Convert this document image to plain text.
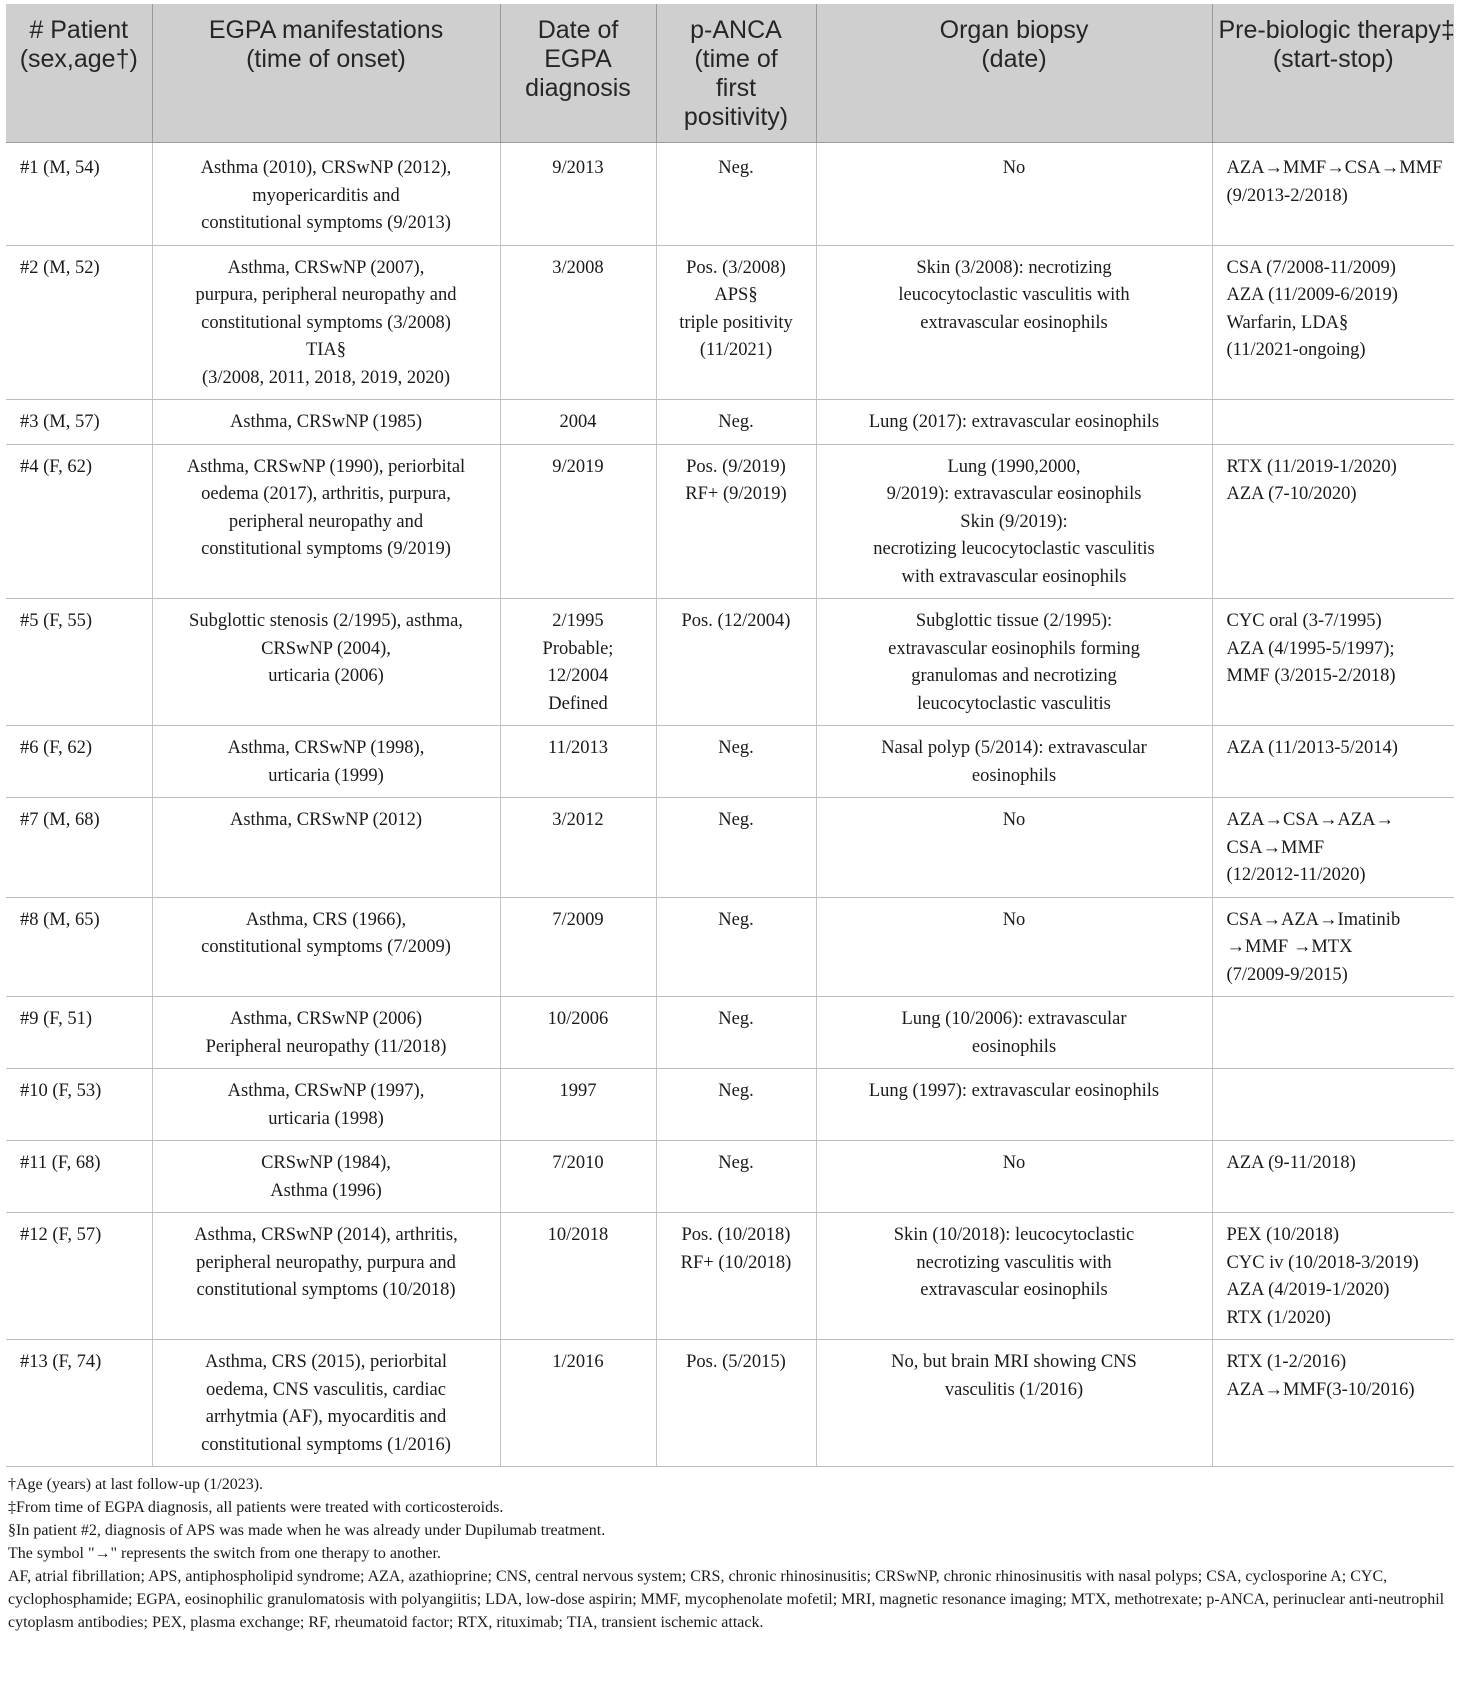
# Patient
(sex,age†)	EGPA manifestations
(time of onset)	Date of
EGPA
diagnosis	p-ANCA
(time of
first
positivity)	Organ biopsy
(date)	Pre-biologic therapy‡
(start-stop)

#1 (M, 54)	Asthma (2010), CRSwNP (2012),
myopericarditis and
constitutional symptoms (9/2013)	9/2013	Neg.	No	AZA→MMF→CSA→MMF
(9/2013-2/2018)

#2 (M, 52)	Asthma, CRSwNP (2007),
purpura, peripheral neuropathy and
constitutional symptoms (3/2008)
TIA§
(3/2008, 2011, 2018, 2019, 2020)	3/2008	Pos. (3/2008)
APS§
triple positivity
(11/2021)	Skin (3/2008): necrotizing
leucocytoclastic vasculitis with
extravascular eosinophils	CSA (7/2008-11/2009)
AZA (11/2009-6/2019)
Warfarin, LDA§
(11/2021-ongoing)

#3 (M, 57)	Asthma, CRSwNP (1985)	2004	Neg.	Lung (2017): extravascular eosinophils	

#4 (F, 62)	Asthma, CRSwNP (1990), periorbital
oedema (2017), arthritis, purpura,
peripheral neuropathy and
constitutional symptoms (9/2019)	9/2019	Pos. (9/2019)
RF+ (9/2019)	Lung (1990,2000,
9/2019): extravascular eosinophils
Skin (9/2019):
necrotizing leucocytoclastic vasculitis
with extravascular eosinophils	RTX (11/2019-1/2020)
AZA (7-10/2020)

#5 (F, 55)	Subglottic stenosis (2/1995), asthma,
CRSwNP (2004),
urticaria (2006)	2/1995
Probable;
12/2004
Defined	Pos. (12/2004)	Subglottic tissue (2/1995):
extravascular eosinophils forming
granulomas and necrotizing
leucocytoclastic vasculitis	CYC oral (3-7/1995)
AZA (4/1995-5/1997);
MMF (3/2015-2/2018)

#6 (F, 62)	Asthma, CRSwNP (1998),
urticaria (1999)	11/2013	Neg.	Nasal polyp (5/2014): extravascular
eosinophils	AZA (11/2013-5/2014)

#7 (M, 68)	Asthma, CRSwNP (2012)	3/2012	Neg.	No	AZA→CSA→AZA→
CSA→MMF
(12/2012-11/2020)

#8 (M, 65)	Asthma, CRS (1966),
constitutional symptoms (7/2009)	7/2009	Neg.	No	CSA→AZA→Imatinib
→MMF →MTX
(7/2009-9/2015)

#9 (F, 51)	Asthma, CRSwNP (2006)
Peripheral neuropathy (11/2018)	10/2006	Neg.	Lung (10/2006): extravascular
eosinophils	

#10 (F, 53)	Asthma, CRSwNP (1997),
urticaria (1998)	1997	Neg.	Lung (1997): extravascular eosinophils	

#11 (F, 68)	CRSwNP (1984),
Asthma (1996)	7/2010	Neg.	No	AZA (9-11/2018)

#12 (F, 57)	Asthma, CRSwNP (2014), arthritis,
peripheral neuropathy, purpura and
constitutional symptoms (10/2018)	10/2018	Pos. (10/2018)
RF+ (10/2018)	Skin (10/2018): leucocytoclastic
necrotizing vasculitis with
extravascular eosinophils	PEX (10/2018)
CYC iv (10/2018-3/2019)
AZA (4/2019-1/2020)
RTX (1/2020)

#13 (F, 74)	Asthma, CRS (2015), periorbital
oedema, CNS vasculitis, cardiac
arrhytmia (AF), myocarditis and
constitutional symptoms (1/2016)	1/2016	Pos. (5/2015)	No, but brain MRI showing CNS
vasculitis (1/2016)	RTX (1-2/2016)
AZA→MMF(3-10/2016)
†Age (years) at last follow-up (1/2023).
‡From time of EGPA diagnosis, all patients were treated with corticosteroids.
§In patient #2, diagnosis of APS was made when he was already under Dupilumab treatment.
The symbol "→" represents the switch from one therapy to another.
AF, atrial fibrillation; APS, antiphospholipid syndrome; AZA, azathioprine; CNS, central nervous system; CRS, chronic rhinosinusitis; CRSwNP, chronic rhinosinusitis with nasal polyps; CSA, cyclosporine A; CYC, cyclophosphamide; EGPA, eosinophilic granulomatosis with polyangiitis; LDA, low-dose aspirin; MMF, mycophenolate mofetil; MRI, magnetic resonance imaging; MTX, methotrexate; p-ANCA, perinuclear anti-neutrophil cytoplasm antibodies; PEX, plasma exchange; RF, rheumatoid factor; RTX, rituximab; TIA, transient ischemic attack.
